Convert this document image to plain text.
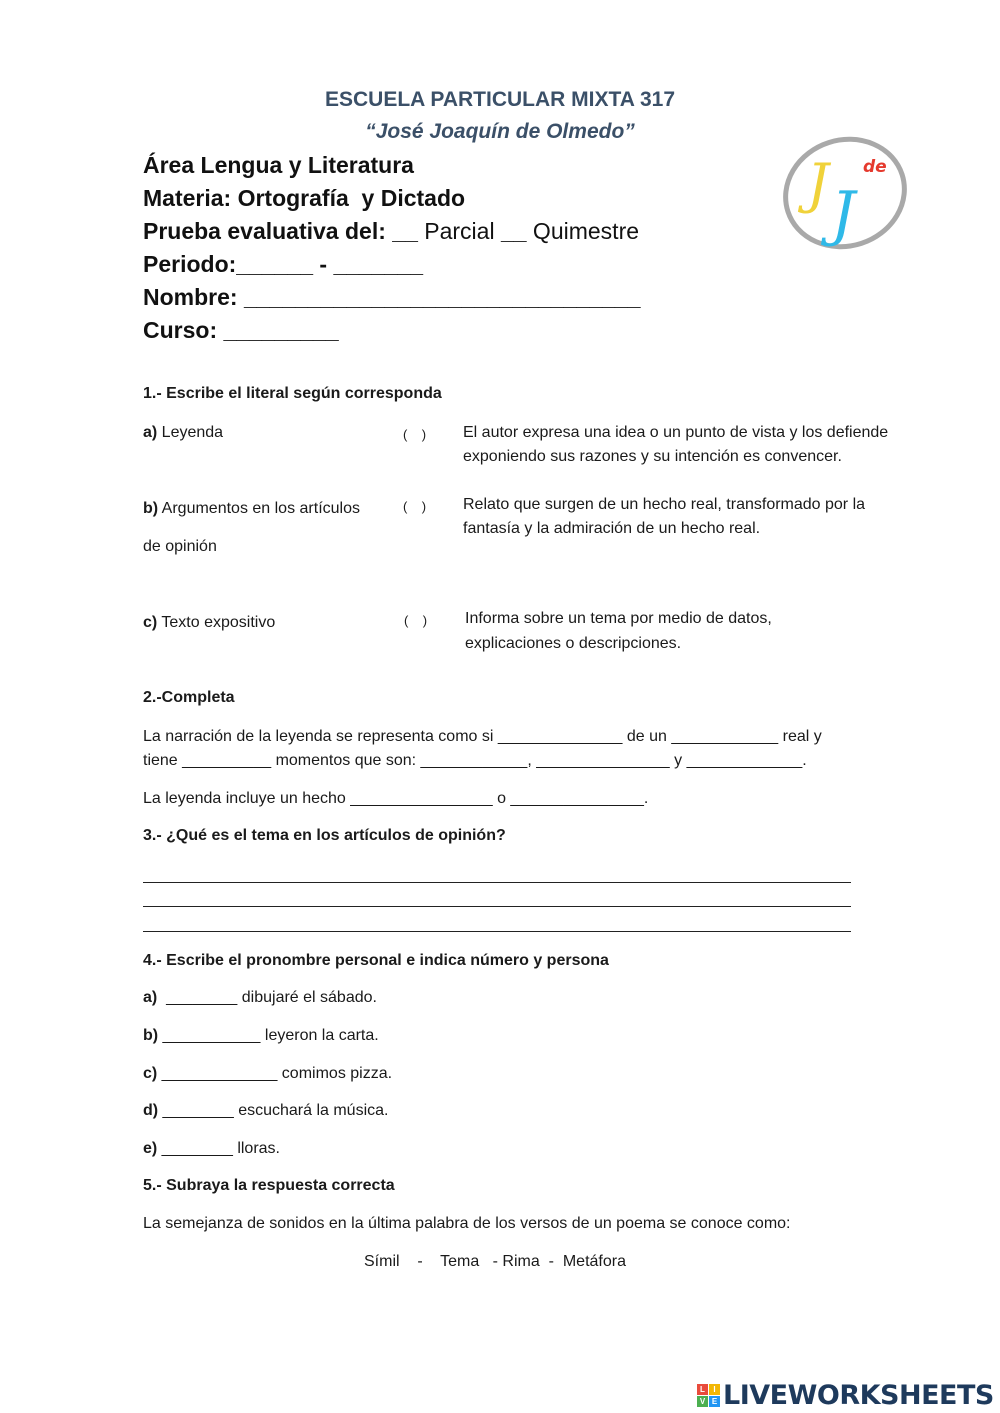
ESCUELA PARTICULAR MIXTA 317
“José Joaquín de Olmedo”
Área Lengua y Literatura
Materia: Ortografía  y Dictado
Prueba evaluativa del: __ Parcial __ Quimestre
Periodo:______ - _______
Nombre: _______________________________
Curso: _________

J de
J

1.- Escribe el literal según corresponda
a) Leyenda	(    ) El autor expresa una idea o un punto de vista y los defiende
exponiendo sus razones y su intención es convencer.
b) Argumentos en los artículos
de opinión
(    ) Relato que surgen de un hecho real, transformado por la
fantasía y la admiración de un hecho real.
c) Texto expositivo	(    ) Informa sobre un tema por medio de datos,
explicaciones o descripciones.
2.-Completa
La narración de la leyenda se representa como si ______________ de un ____________ real y
tiene __________ momentos que son: ____________, _______________ y _____________.
La leyenda incluye un hecho ________________ o _______________.
3.- ¿Qué es el tema en los artículos de opinión?
4.- Escribe el pronombre personal e indica número y persona
a)  ________ dibujaré el sábado.
b) ___________ leyeron la carta.
c) _____________ comimos pizza.
d) ________ escuchará la música.
e) ________ lloras.
5.- Subraya la respuesta correcta
La semejanza de sonidos en la última palabra de los versos de un poema se conoce como:
Símil    -    Tema   - Rima  -  Metáfora
L	I
V E LIVEWORKSHEETS
